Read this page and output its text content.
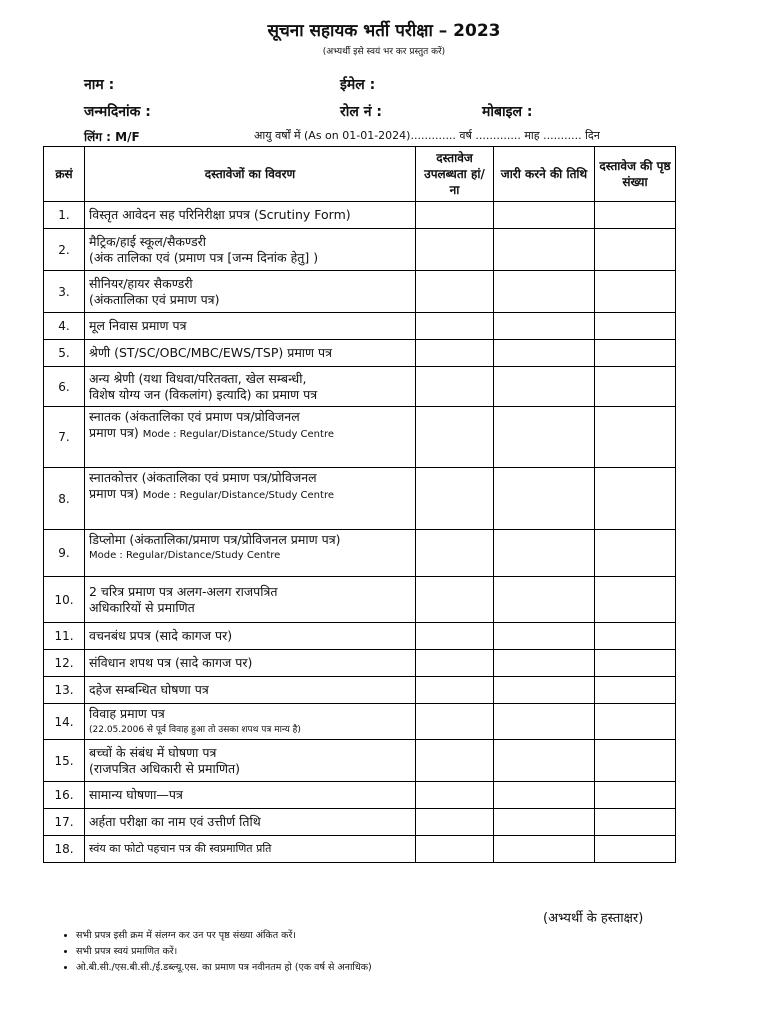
सूचना सहायक भर्ती परीक्षा – 2023
(अभ्यर्थी इसे स्वयं भर कर प्रस्तुत करें)
नाम :	ईमेल :
जन्मदिनांक :	रोल नं :	मोबाइल :
लिंग : M/F	आयु वर्षों में (As on 01-01-2024)............. वर्ष ............. माह ........... दिन
क्रसं	दस्तावेजों का विवरण	दस्तावेज उपलब्धता हां/ना	जारी करने की तिथि	दस्तावेज की पृष्ठ संख्या
1.	विस्तृत आवेदन सह परिनिरीक्षा प्रपत्र (Scrutiny Form)			
2.	मैट्रिक/हाई स्कूल/सैकण्डरी
(अंक तालिका एवं (प्रमाण पत्र [जन्म दिनांक हेतु] )			

3.	सीनियर/हायर सैकण्डरी
(अंकतालिका एवं प्रमाण पत्र)			

4.	मूल निवास प्रमाण पत्र			
5.	श्रेणी (ST/SC/OBC/MBC/EWS/TSP) प्रमाण पत्र			
6.	अन्य श्रेणी (यथा विधवा/परितक्ता, खेल सम्बन्धी,
विशेष योग्य जन (विकलांग) इत्यादि) का प्रमाण पत्र			

7.	स्नातक (अंकतालिका एवं प्रमाण पत्र/प्रोविजनल
प्रमाण पत्र) Mode : Regular/Distance/Study Centre			

8.	स्नातकोत्तर (अंकतालिका एवं प्रमाण पत्र/प्रोविजनल
प्रमाण पत्र) Mode : Regular/Distance/Study Centre			

9.	डिप्लोमा (अंकतालिका/प्रमाण पत्र/प्रोविजनल प्रमाण पत्र)
Mode : Regular/Distance/Study Centre			

10.	2 चरित्र प्रमाण पत्र अलग-अलग राजपत्रित
अधिकारियों से प्रमाणित			

11.	वचनबंध प्रपत्र (सादे कागज पर)			
12.	संविधान शपथ पत्र (सादे कागज पर)			
13.	दहेज सम्बन्धित घोषणा पत्र			
14.	विवाह प्रमाण पत्र
(22.05.2006 से पूर्व विवाह हुआ तो उसका शपथ पत्र मान्य है)			

15.	बच्चों के संबंध में घोषणा पत्र
(राजपत्रित अधिकारी से प्रमाणित)			

16.	सामान्य घोषणा—पत्र			
17.	अर्हता परीक्षा का नाम एवं उत्तीर्ण तिथि			
18.	स्वंय का फोटो पहचान पत्र की स्वप्रमाणित प्रति			
(अभ्यर्थी के हस्ताक्षर)
• सभी प्रपत्र इसी क्रम में संलग्न कर उन पर पृष्ठ संख्या अंकित करें।
• सभी प्रपत्र स्वयं प्रमाणित करें।
• ओ.बी.सी./एस.बी.सी./ई.डब्ल्यू.एस. का प्रमाण पत्र नवीनतम हो (एक वर्ष से अनाधिक)
